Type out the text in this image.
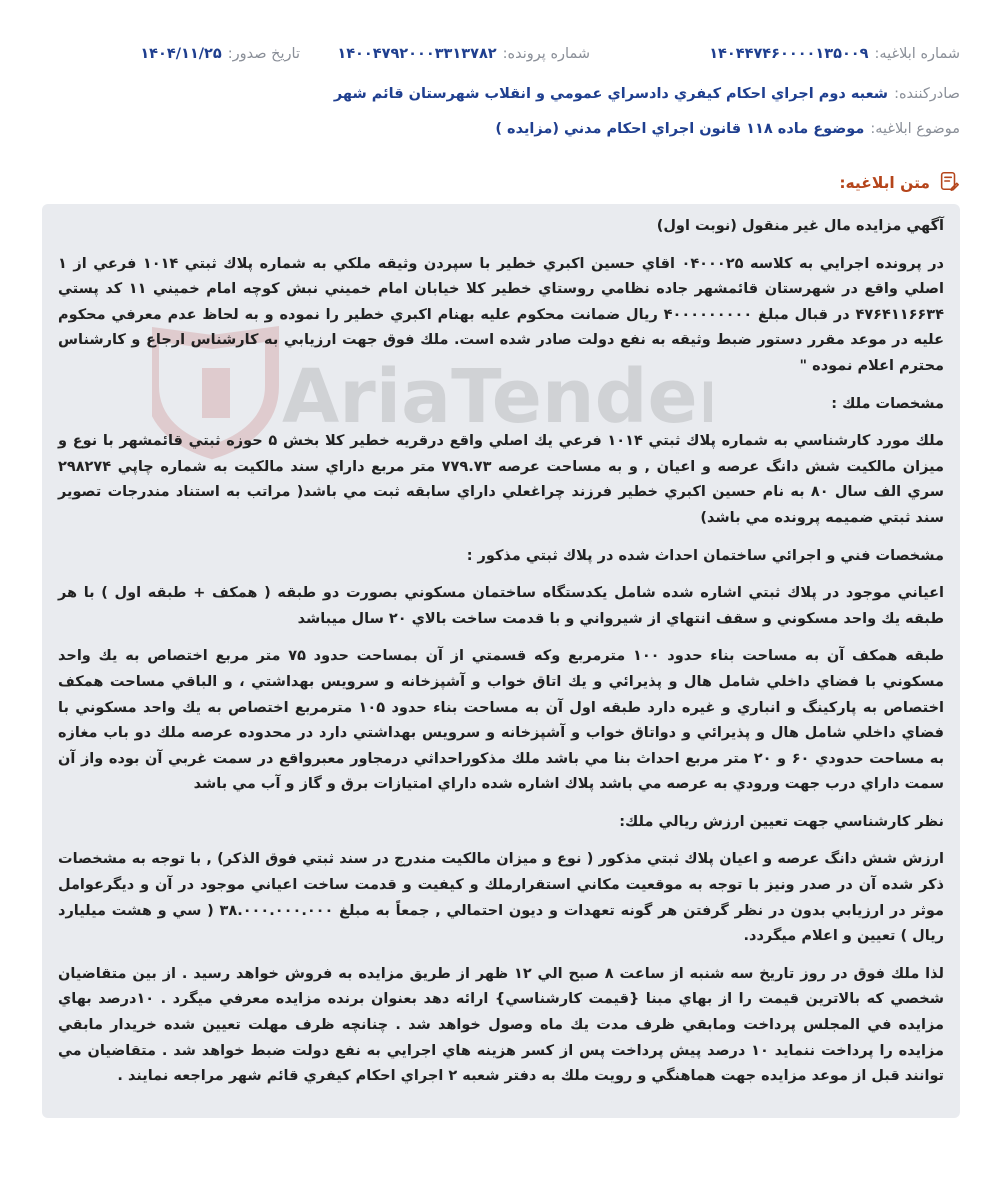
شماره ابلاغيه:
۱۴۰۴۴۷۴۶۰۰۰۰۱۳۵۰۰۹
شماره پرونده:
۱۴۰۰۴۷۹۲۰۰۰۳۳۱۳۷۸۲
تاريخ صدور:
۱۴۰۴/۱۱/۲۵
صادرکننده:
شعبه دوم اجراي احكام كيفري دادسراي عمومي و انقلاب شهرستان قائم شهر
موضوع ابلاغیه:
موضوع ماده ۱۱۸ قانون اجراي احكام مدني (مزايده )
متن ابلاغیه:
AriaTender

آگهي مزايده مال غير منقول (نوبت اول)

در پرونده اجرايي به كلاسه ۰۴۰۰۰۲۵ اقاي حسين اكبري خطير با سپردن وثيقه ملكي به شماره پلاك ثبتي ۱۰۱۴ فرعي از ۱ اصلي واقع در شهرستان قائمشهر جاده نظامي روستاي خطير كلا خيابان امام خميني نبش كوچه امام خميني ۱۱ كد پستي ۴۷۶۴۱۱۶۶۳۴ در قبال مبلغ ۴۰۰۰۰۰۰۰۰۰ ريال ضمانت محكوم عليه بهنام اكبري خطير را نموده و به لحاظ عدم معرفي محكوم عليه در موعد مقرر دستور ضبط وثيقه به نفع دولت صادر شده است. ملك فوق جهت ارزيابي به كارشناس ارجاع و كارشناس محترم اعلام نموده "

مشخصات ملك :

ملك مورد كارشناسي به شماره پلاك ثبتي ۱۰۱۴ فرعي يك اصلي واقع درقريه خطير كلا بخش ۵ حوزه ثبتي قائمشهر با نوع و ميزان مالكيت شش دانگ عرصه و اعيان , و به مساحت عرصه ۷۷۹.۷۳ متر مربع داراي سند مالكيت به شماره چاپي ۲۹۸۲۷۴ سري الف سال ۸۰ به نام حسين اكبري خطير فرزند چراغعلي داراي سابقه ثبت مي باشد( مراتب به استناد مندرجات تصوير سند ثبتي ضميمه پرونده مي باشد)

مشخصات فني و اجرائي ساختمان احداث شده در پلاك ثبتي مذكور :

اعياني موجود در پلاك ثبتي اشاره شده شامل يكدستگاه ساختمان مسكوني بصورت دو طبقه ( همكف + طبقه اول ) با هر طبقه يك واحد مسكوني و سقف انتهاي از شيرواني و با قدمت ساخت بالاي ۲۰ سال ميباشد

طبقه همكف آن به مساحت بناء حدود ۱۰۰ مترمربع وكه قسمتي از آن بمساحت حدود ۷۵ متر مربع اختصاص به يك واحد مسكوني با فضاي داخلي شامل هال و پذيرائي و يك اتاق خواب و آشپزخانه و سرويس بهداشتي ، و الباقي مساحت همكف اختصاص به پاركينگ و انباري و غيره دارد طبقه اول آن به مساحت بناء حدود ۱۰۵ مترمربع اختصاص به يك واحد مسكوني با فضاي داخلي شامل هال و پذيرائي و دواتاق خواب و آشپزخانه و سرويس بهداشتي دارد در محدوده عرصه ملك دو باب مغازه به مساحت حدودي ۶۰ و ۲۰ متر مربع احداث بنا مي باشد ملك مذكوراحداثي درمجاور معبرواقع در سمت غربي آن بوده واز آن سمت داراي درب جهت ورودي به عرصه مي باشد پلاك اشاره شده داراي امتيازات برق و گاز و آب مي باشد

نظر كارشناسي جهت تعيين ارزش ريالي ملك:

ارزش شش دانگ عرصه و اعيان پلاك ثبتي مذكور ( نوع و ميزان مالكيت مندرج در سند ثبتي فوق الذكر) , با توجه به مشخصات ذكر شده آن در صدر ونيز با توجه به موقعيت مكاني استقرارملك و كيفيت و قدمت ساخت اعياني موجود در آن و ديگرعوامل موثر در ارزيابي بدون در نظر گرفتن هر گونه تعهدات و ديون احتمالي , جمعاً به مبلغ ۳۸.۰۰۰.۰۰۰.۰۰۰ ( سي و هشت ميليارد ريال ) تعيين و اعلام ميگردد.

لذا ملك فوق در روز تاريخ سه شنبه از ساعت ۸ صبح الي ۱۲ ظهر از طريق مزايده به فروش خواهد رسيد . از بين متقاضيان شخصي كه بالاترين قيمت را از بهاي مبنا {قيمت كارشناسي} ارائه دهد بعنوان برنده مزايده معرفي ميگرد . ۱۰درصد بهاي مزايده في المجلس پرداخت ومابقي ظرف مدت يك ماه وصول خواهد شد . چنانچه ظرف مهلت تعيين شده خريدار مابقي مزايده را پرداخت ننمايد ۱۰ درصد پيش پرداخت پس از كسر هزينه هاي اجرايي به نفع دولت ضبط خواهد شد . متقاضيان مي توانند قبل از موعد مزايده جهت هماهنگي و رويت ملك به دفتر شعبه ۲ اجراي احكام كيفري قائم شهر مراجعه نمايند .
